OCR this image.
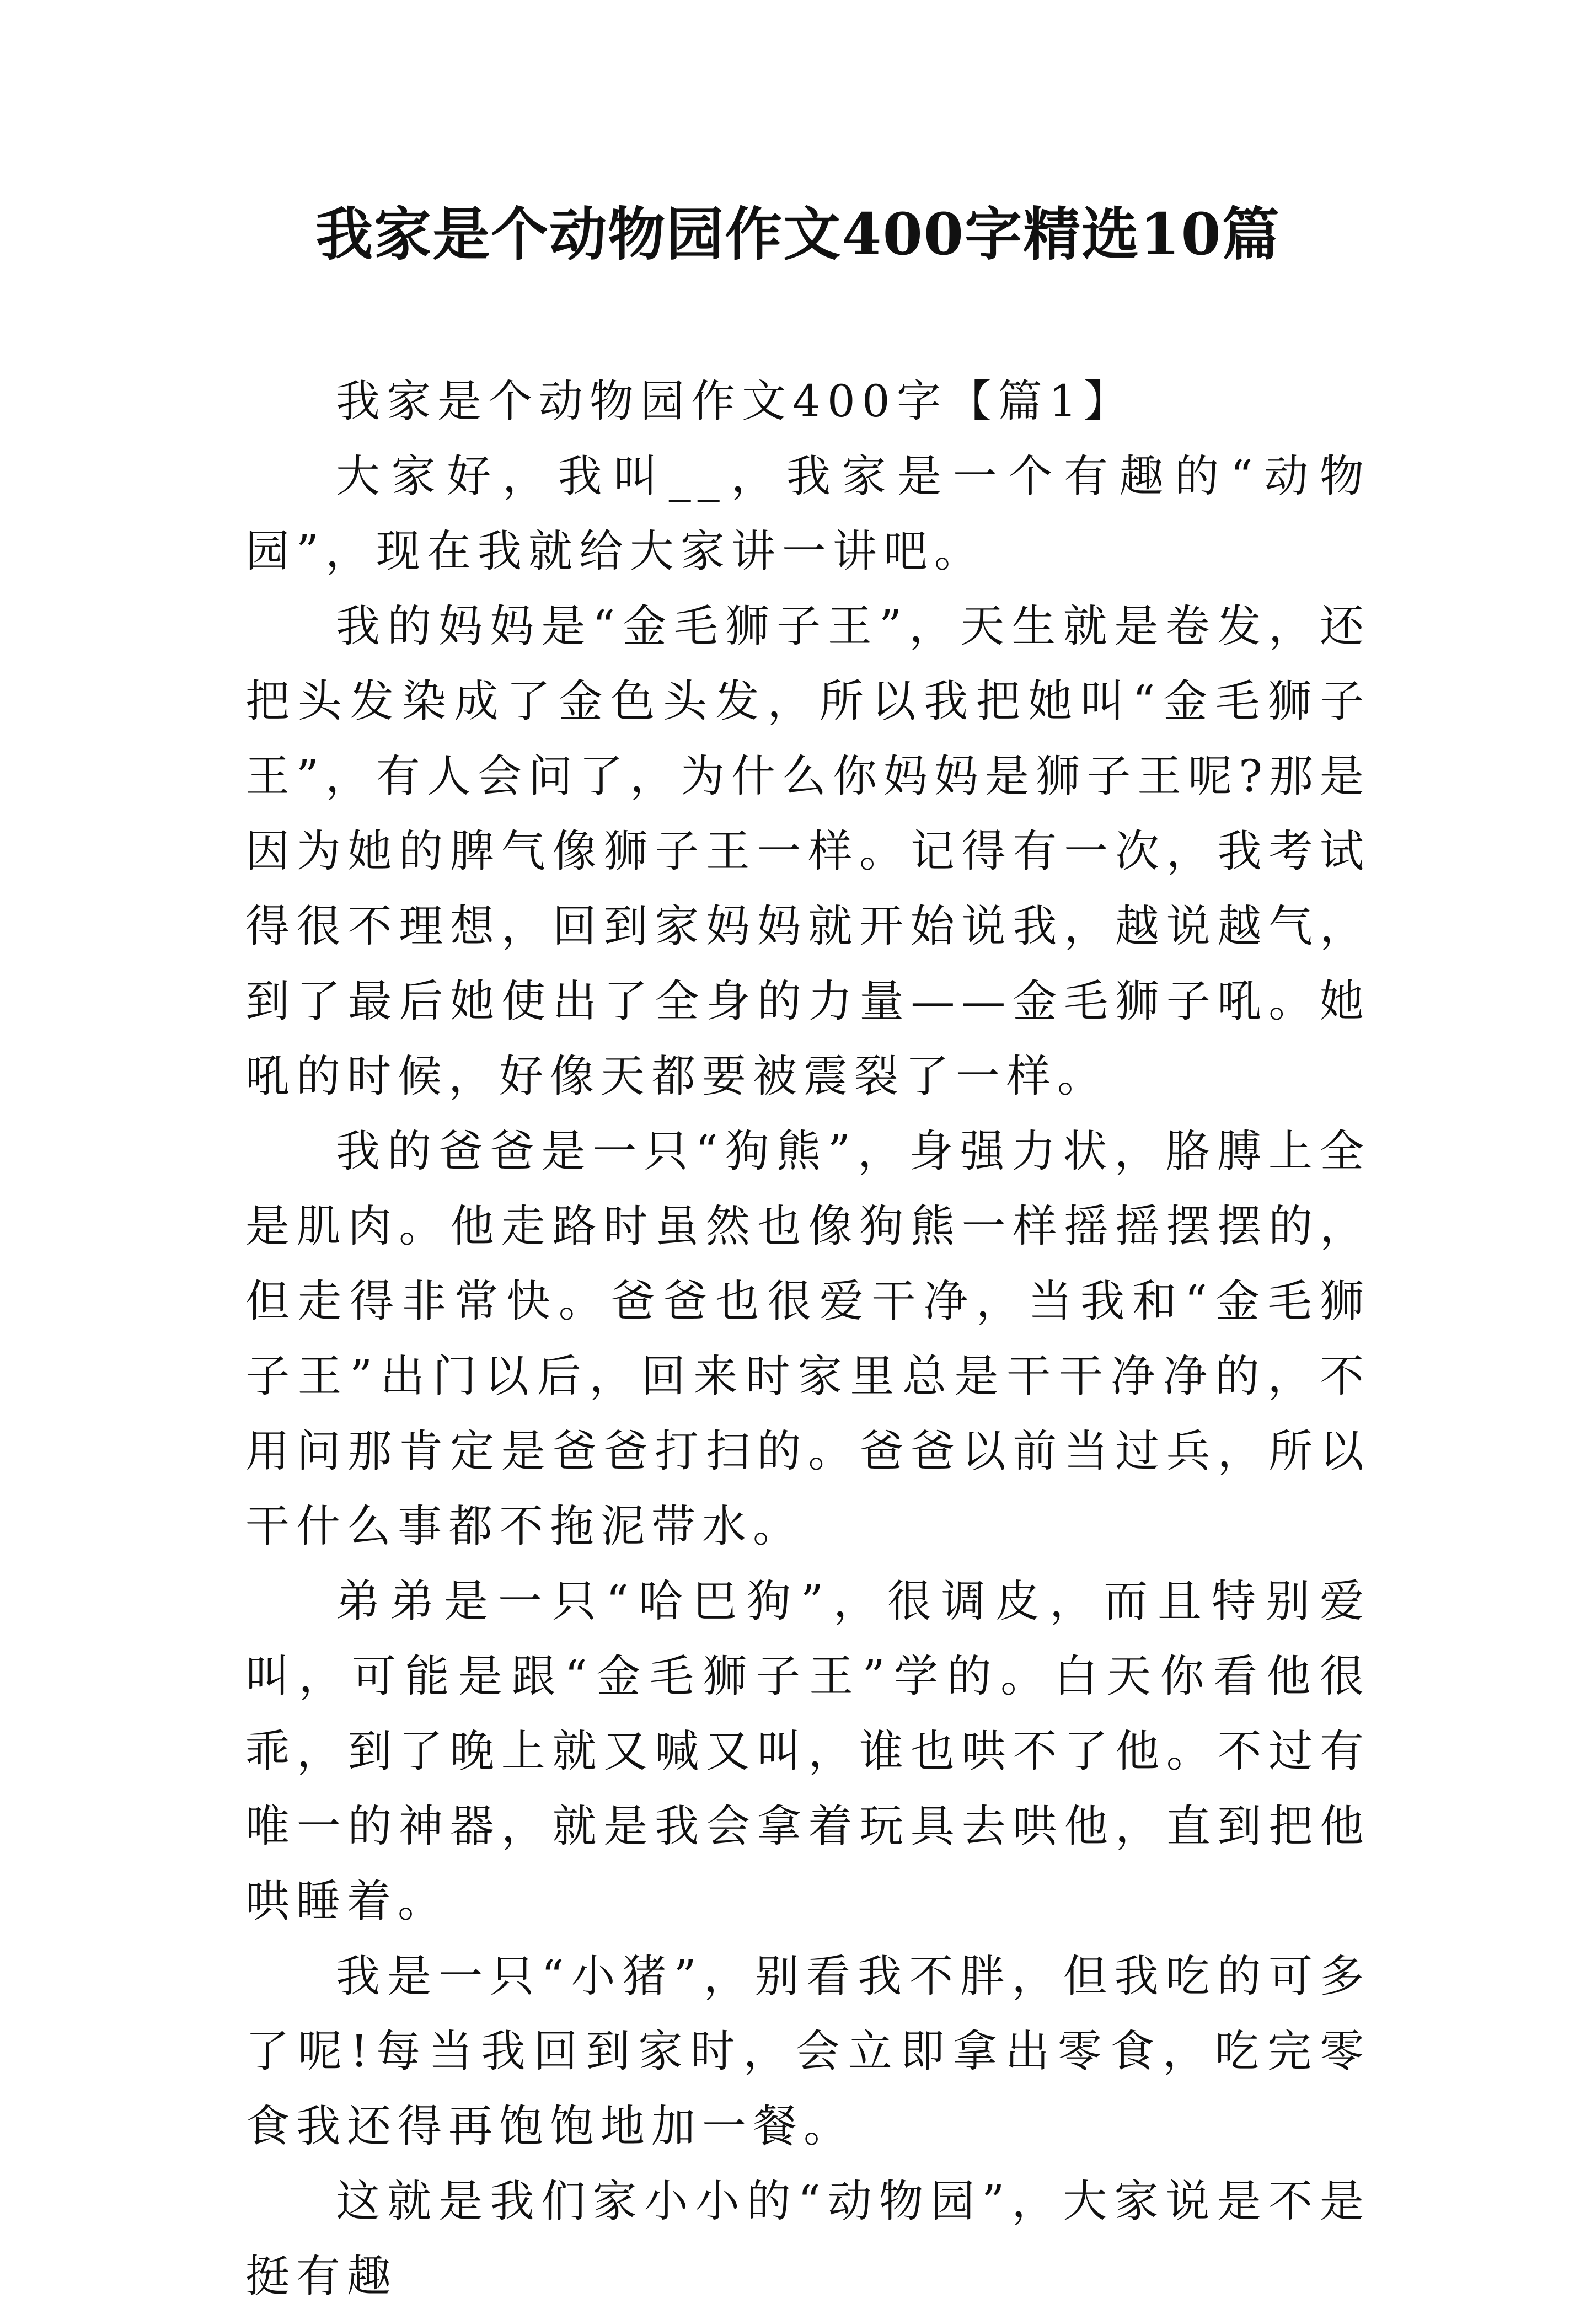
我家是个动物园作文400字精选10篇

我家是个动物园作文400字【篇1】

大家好，我叫__，我家是一个有趣的“动物园”，现在我就给大家讲一讲吧。

我的妈妈是“金毛狮子王”，天生就是卷发，还把头发染成了金色头发，所以我把她叫“金毛狮子王”，有人会问了，为什么你妈妈是狮子王呢?那是因为她的脾气像狮子王一样。记得有一次，我考试得很不理想，回到家妈妈就开始说我，越说越气，到了最后她使出了全身的力量——金毛狮子吼。她吼的时候，好像天都要被震裂了一样。

我的爸爸是一只“狗熊”，身强力状，胳膊上全是肌肉。他走路时虽然也像狗熊一样摇摇摆摆的，但走得非常快。爸爸也很爱干净，当我和“金毛狮子王”出门以后，回来时家里总是干干净净的，不用问那肯定是爸爸打扫的。爸爸以前当过兵，所以干什么事都不拖泥带水。

弟弟是一只“哈巴狗”，很调皮，而且特别爱叫，可能是跟“金毛狮子王”学的。白天你看他很乖，到了晚上就又喊又叫，谁也哄不了他。不过有唯一的神器，就是我会拿着玩具去哄他，直到把他哄睡着。

我是一只“小猪”，别看我不胖，但我吃的可多了呢!每当我回到家时，会立即拿出零食，吃完零食我还得再饱饱地加一餐。

这就是我们家小小的“动物园”，大家说是不是挺有趣
